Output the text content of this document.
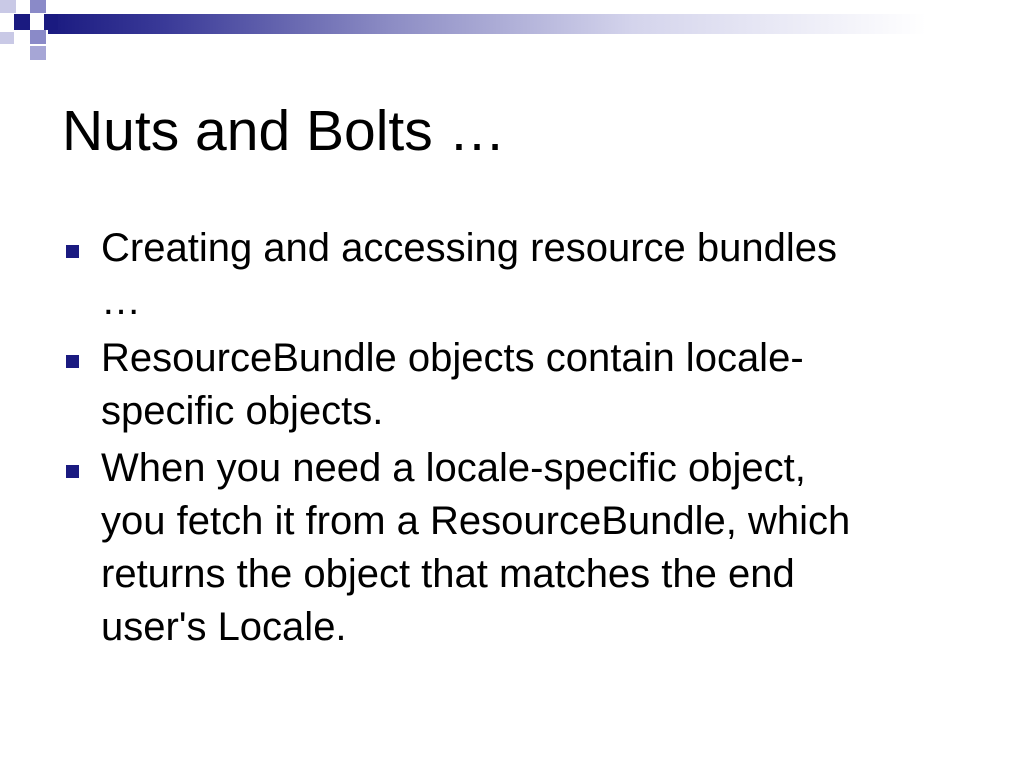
Nuts and Bolts …
Creating and accessing resource bundles
…
ResourceBundle objects contain locale-
specific objects.
When you need a locale-specific object,
you fetch it from a ResourceBundle, which
returns the object that matches the end
user's Locale.
